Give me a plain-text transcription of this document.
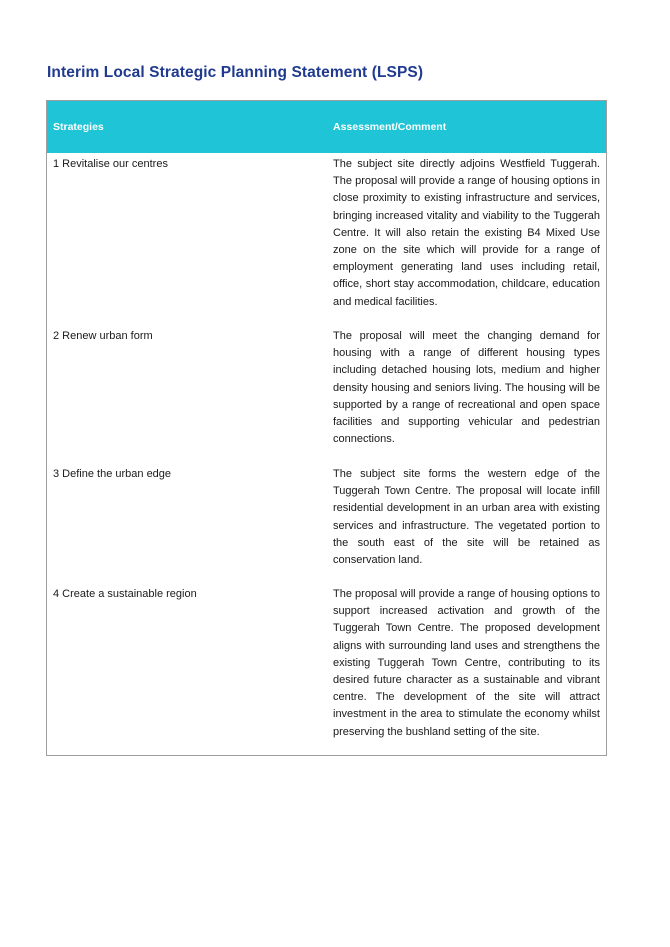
Interim Local Strategic Planning Statement (LSPS)
Strategies	Assessment/Comment
1 Revitalise our centres	The subject site directly adjoins Westfield Tuggerah. The proposal will provide a range of housing options in close proximity to existing infrastructure and services, bringing increased vitality and viability to the Tuggerah Centre. It will also retain the existing B4 Mixed Use zone on the site which will provide for a range of employment generating land uses including retail, office, short stay accommodation, childcare, education and medical facilities.
2 Renew urban form	The proposal will meet the changing demand for housing with a range of different housing types including detached housing lots, medium and higher density housing and seniors living. The housing will be supported by a range of recreational and open space facilities and supporting vehicular and pedestrian connections.
3 Define the urban edge	The subject site forms the western edge of the Tuggerah Town Centre. The proposal will locate infill residential development in an urban area with existing services and infrastructure. The vegetated portion to the south east of the site will be retained as conservation land.
4 Create a sustainable region	The proposal will provide a range of housing options to support increased activation and growth of the Tuggerah Town Centre. The proposed development aligns with surrounding land uses and strengthens the existing Tuggerah Town Centre, contributing to its desired future character as a sustainable and vibrant centre. The development of the site will attract investment in the area to stimulate the economy whilst preserving the bushland setting of the site.
